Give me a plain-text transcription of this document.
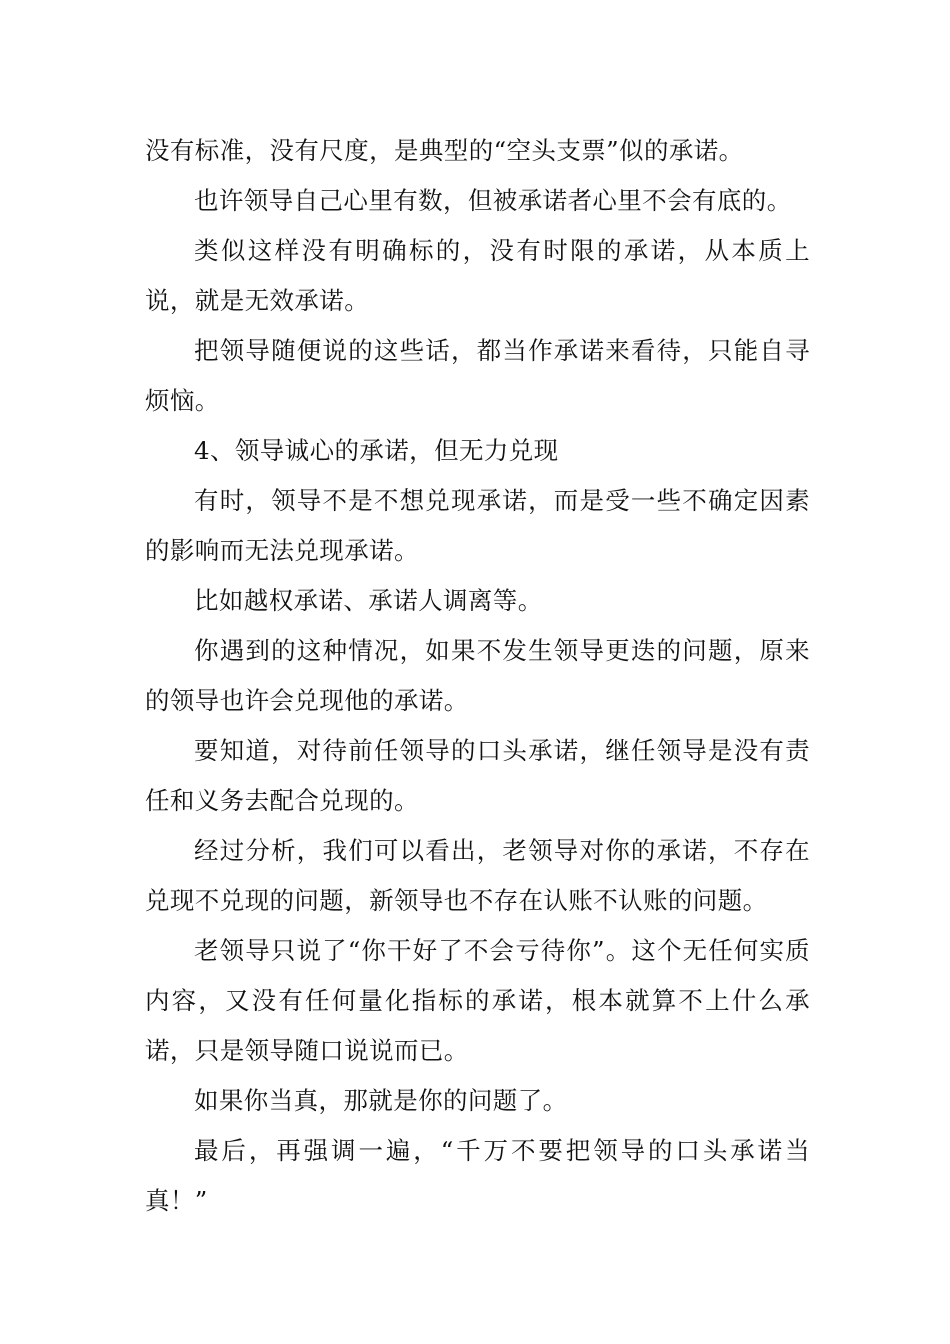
没有标准，没有尺度，是典型的“空头支票”似的承诺。

也许领导自己心里有数，但被承诺者心里不会有底的。

类似这样没有明确标的，没有时限的承诺，从本质上说，就是无效承诺。

把领导随便说的这些话，都当作承诺来看待，只能自寻烦恼。

4、领导诚心的承诺，但无力兑现

有时，领导不是不想兑现承诺，而是受一些不确定因素的影响而无法兑现承诺。

比如越权承诺、承诺人调离等。

你遇到的这种情况，如果不发生领导更迭的问题，原来的领导也许会兑现他的承诺。

要知道，对待前任领导的口头承诺，继任领导是没有责任和义务去配合兑现的。

经过分析，我们可以看出，老领导对你的承诺，不存在兑现不兑现的问题，新领导也不存在认账不认账的问题。

老领导只说了“你干好了不会亏待你”。这个无任何实质内容，又没有任何量化指标的承诺，根本就算不上什么承诺，只是领导随口说说而已。

如果你当真，那就是你的问题了。

最后，再强调一遍，“千万不要把领导的口头承诺当真！”
